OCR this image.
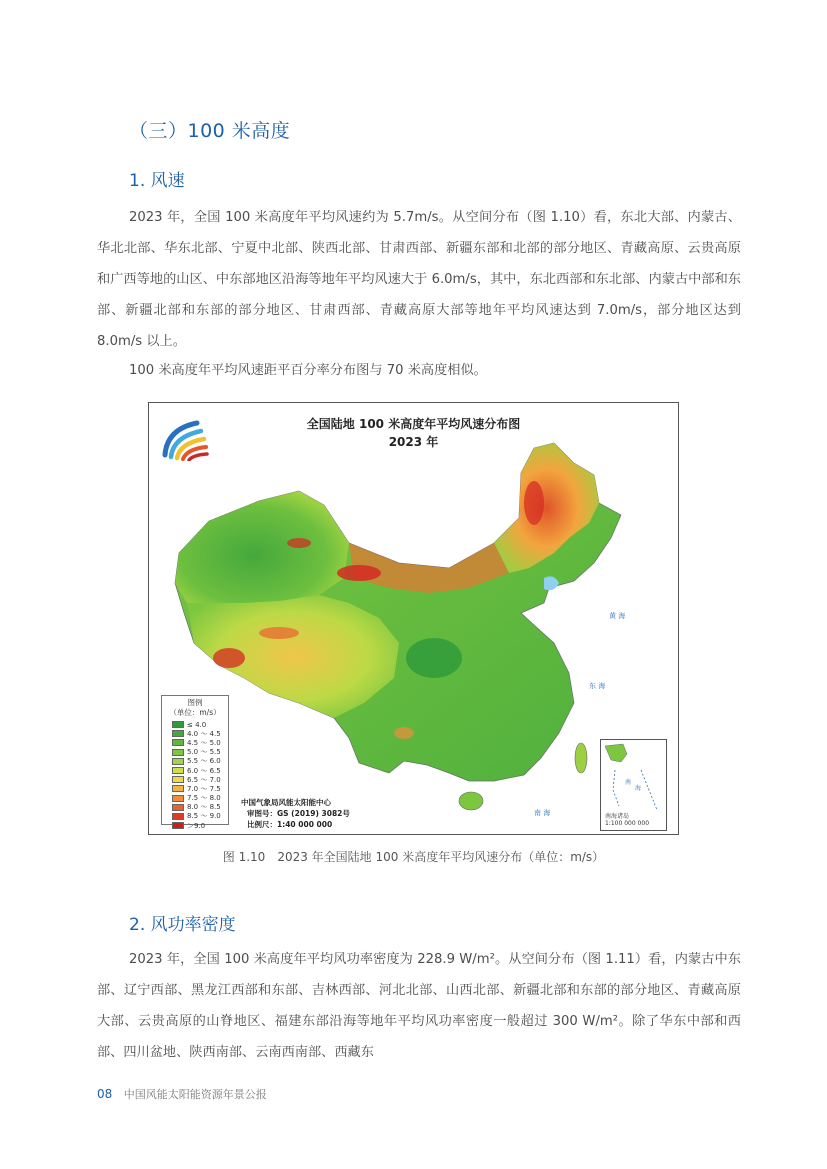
（三）100 米高度
1. 风速
2023 年，全国 100 米高度年平均风速约为 5.7m/s。从空间分布（图 1.10）看，东北大部、内蒙古、华北北部、华东北部、宁夏中北部、陕西北部、甘肃西部、新疆东部和北部的部分地区、青藏高原、云贵高原和广西等地的山区、中东部地区沿海等地年平均风速大于 6.0m/s，其中，东北西部和东北部、内蒙古中部和东部、新疆北部和东部的部分地区、甘肃西部、青藏高原大部等地年平均风速达到 7.0m/s，部分地区达到 8.0m/s 以上。
100 米高度年平均风速距平百分率分布图与 70 米高度相似。
全国陆地 100 米高度年平均风速分布图
2023 年
东 海
南 海
黄 海
图例
（单位：m/s）
≤ 4.0
4.0 ～ 4.5
4.5 ～ 5.0
5.0 ～ 5.5
5.5 ～ 6.0
6.0 ～ 6.5
6.5 ～ 7.0
7.0 ～ 7.5
7.5 ～ 8.0
8.0 ～ 8.5
8.5 ～ 9.0
＞9.0
中国气象局风能太阳能中心
审图号：GS (2019) 3082号
比例尺：1:40 000 000
南
海
南海诸岛
1:100 000 000
图 1.10　2023 年全国陆地 100 米高度年平均风速分布（单位：m/s）
2. 风功率密度
2023 年，全国 100 米高度年平均风功率密度为 228.9 W/m²。从空间分布（图 1.11）看，内蒙古中东部、辽宁西部、黑龙江西部和东部、吉林西部、河北北部、山西北部、新疆北部和东部的部分地区、青藏高原大部、云贵高原的山脊地区、福建东部沿海等地年平均风功率密度一般超过 300 W/m²。除了华东中部和西部、四川盆地、陕西南部、云南西南部、西藏东
08 中国风能太阳能资源年景公报
